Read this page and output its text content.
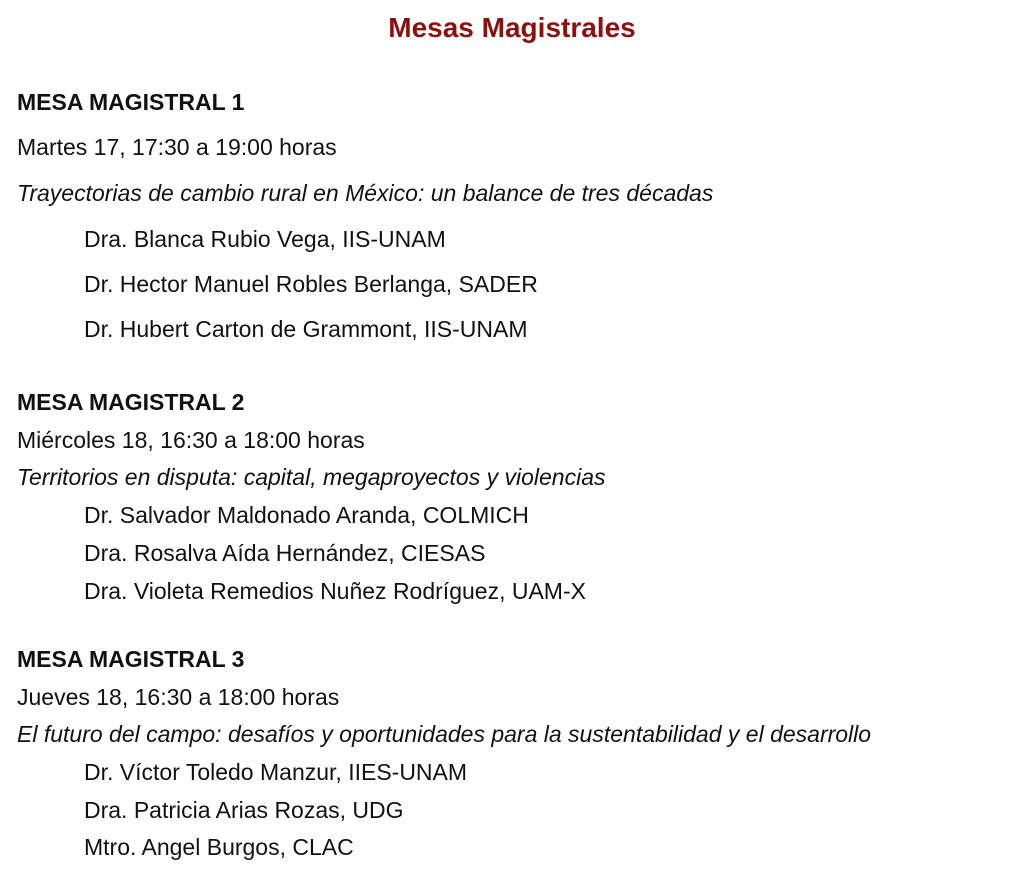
Mesas Magistrales
MESA MAGISTRAL 1
Martes 17, 17:30 a 19:00 horas
Trayectorias de cambio rural en México: un balance de tres décadas
Dra. Blanca Rubio Vega, IIS-UNAM
Dr. Hector Manuel Robles Berlanga, SADER
Dr. Hubert Carton de Grammont, IIS-UNAM
MESA MAGISTRAL 2
Miércoles 18, 16:30 a 18:00 horas
Territorios en disputa: capital, megaproyectos y violencias
Dr. Salvador Maldonado Aranda, COLMICH
Dra. Rosalva Aída Hernández, CIESAS
Dra. Violeta Remedios Nuñez Rodríguez, UAM-X
MESA MAGISTRAL 3
Jueves 18, 16:30 a 18:00 horas
El futuro del campo: desafíos y oportunidades para la sustentabilidad y el desarrollo
Dr. Víctor Toledo Manzur, IIES-UNAM
Dra. Patricia Arias Rozas, UDG
Mtro. Angel Burgos, CLAC
